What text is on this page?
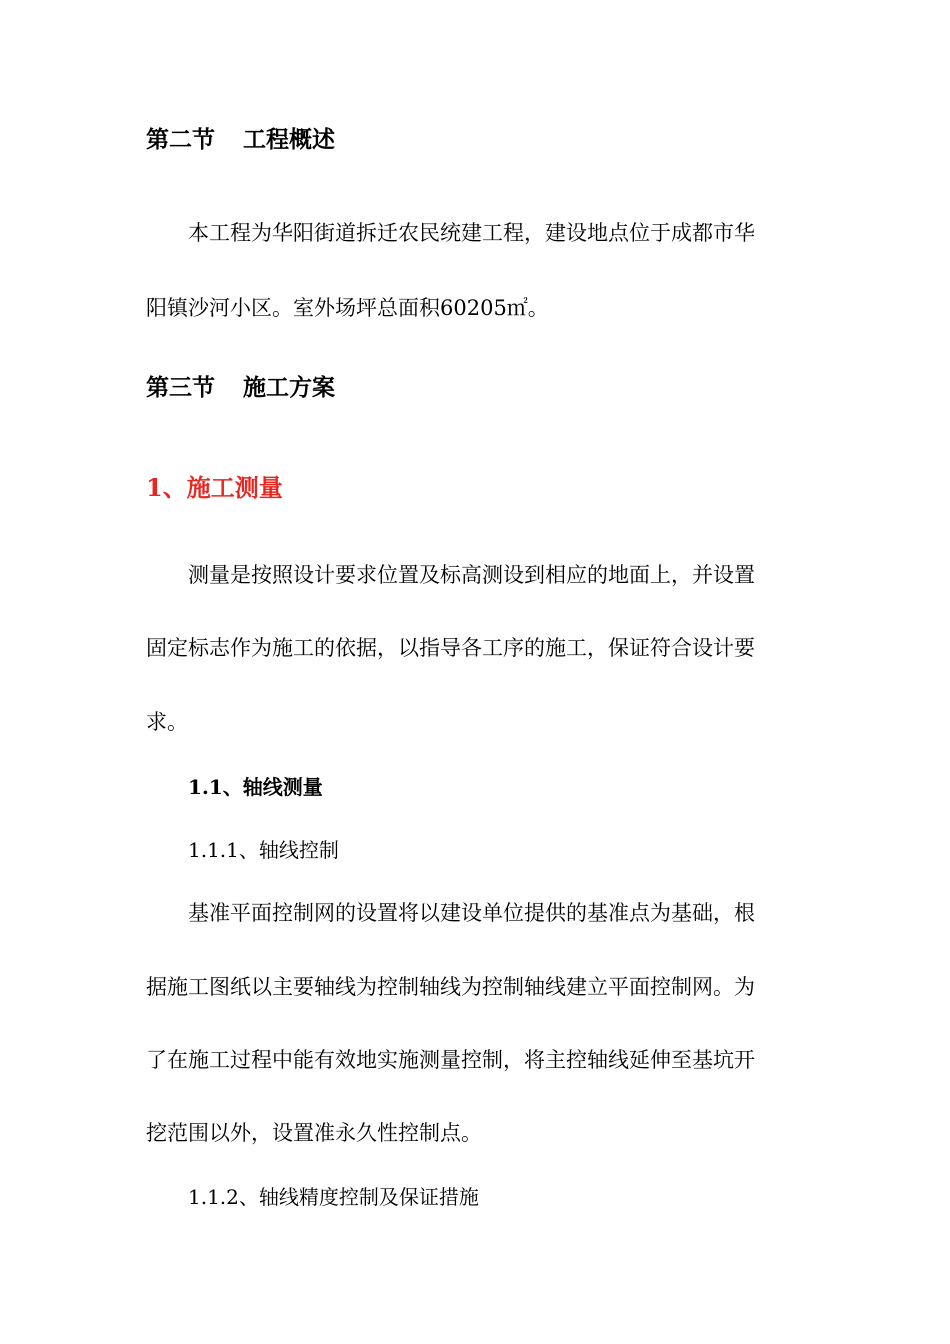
第二节 工程概述

本工程为华阳街道拆迁农民统建工程，建设地点位于成都市华

阳镇沙河小区。室外场坪总面积60205㎡。

第三节 施工方案
1、施工测量

测量是按照设计要求位置及标高测设到相应的地面上，并设置

固定标志作为施工的依据，以指导各工序的施工，保证符合设计要

求。

1.1、轴线测量
1.1.1、轴线控制

基准平面控制网的设置将以建设单位提供的基准点为基础，根

据施工图纸以主要轴线为控制轴线为控制轴线建立平面控制网。为

了在施工过程中能有效地实施测量控制，将主控轴线延伸至基坑开

挖范围以外，设置准永久性控制点。

1.1.2、轴线精度控制及保证措施
